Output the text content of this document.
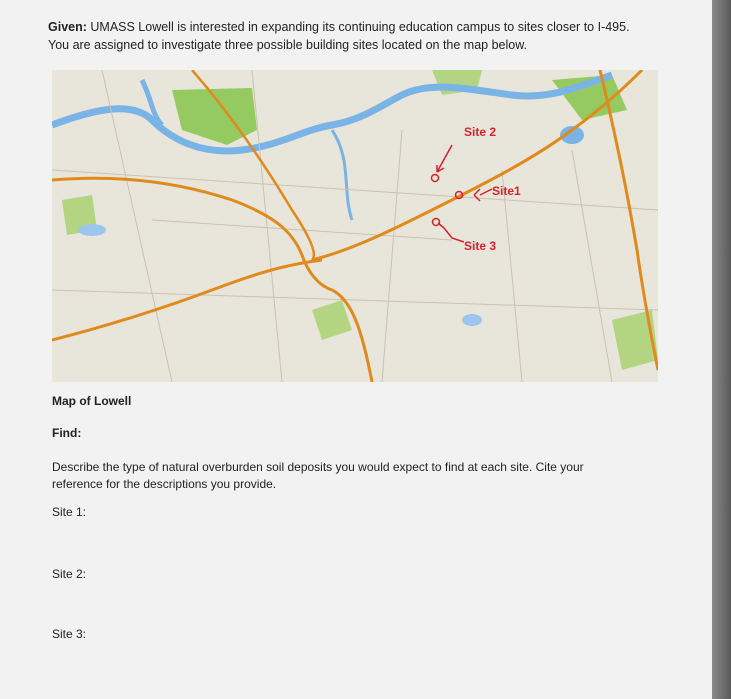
Given: UMASS Lowell is interested in expanding its continuing education campus to sites closer to I-495.
You are assigned to investigate three possible building sites located on the map below.
Site 2
Site1
Site 3
Map of Lowell
Find:
Describe the type of natural overburden soil deposits you would expect to find at each site. Cite your
reference for the descriptions you provide.
Site 1:
Site 2:
Site 3:
